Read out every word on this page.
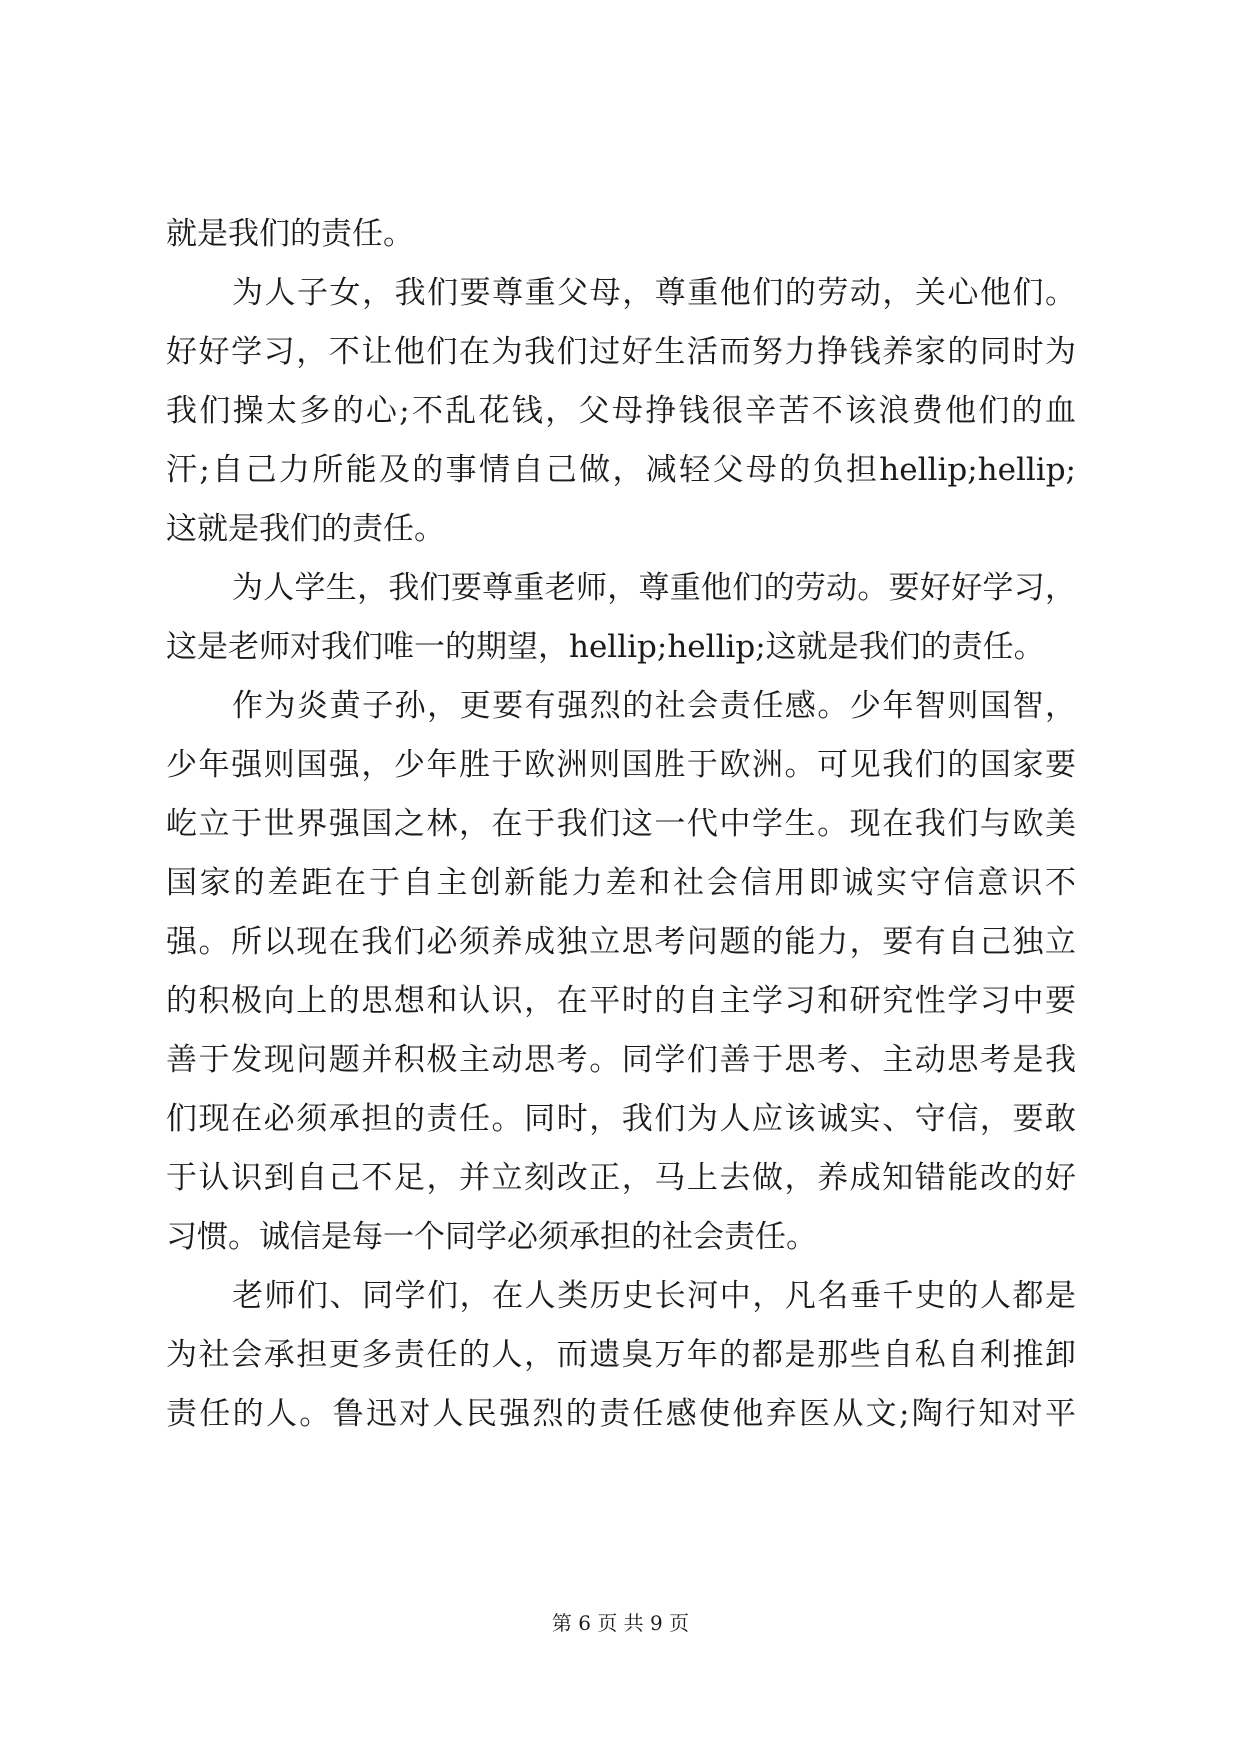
就是我们的责任。
为人子女，我们要尊重父母，尊重他们的劳动，关心他们。
好好学习，不让他们在为我们过好生活而努力挣钱养家的同时为
我们操太多的心;不乱花钱，父母挣钱很辛苦不该浪费他们的血
汗;自己力所能及的事情自己做，减轻父母的负担hellip;hellip;
这就是我们的责任。
为人学生，我们要尊重老师，尊重他们的劳动。要好好学习，
这是老师对我们唯一的期望，hellip;hellip;这就是我们的责任。
作为炎黄子孙，更要有强烈的社会责任感。少年智则国智，
少年强则国强，少年胜于欧洲则国胜于欧洲。可见我们的国家要
屹立于世界强国之林，在于我们这一代中学生。现在我们与欧美
国家的差距在于自主创新能力差和社会信用即诚实守信意识不
强。所以现在我们必须养成独立思考问题的能力，要有自己独立
的积极向上的思想和认识，在平时的自主学习和研究性学习中要
善于发现问题并积极主动思考。同学们善于思考、主动思考是我
们现在必须承担的责任。同时，我们为人应该诚实、守信，要敢
于认识到自己不足，并立刻改正，马上去做，养成知错能改的好
习惯。诚信是每一个同学必须承担的社会责任。
老师们、同学们，在人类历史长河中，凡名垂千史的人都是
为社会承担更多责任的人，而遗臭万年的都是那些自私自利推卸
责任的人。鲁迅对人民强烈的责任感使他弃医从文;陶行知对平
第 6 页 共 9 页
